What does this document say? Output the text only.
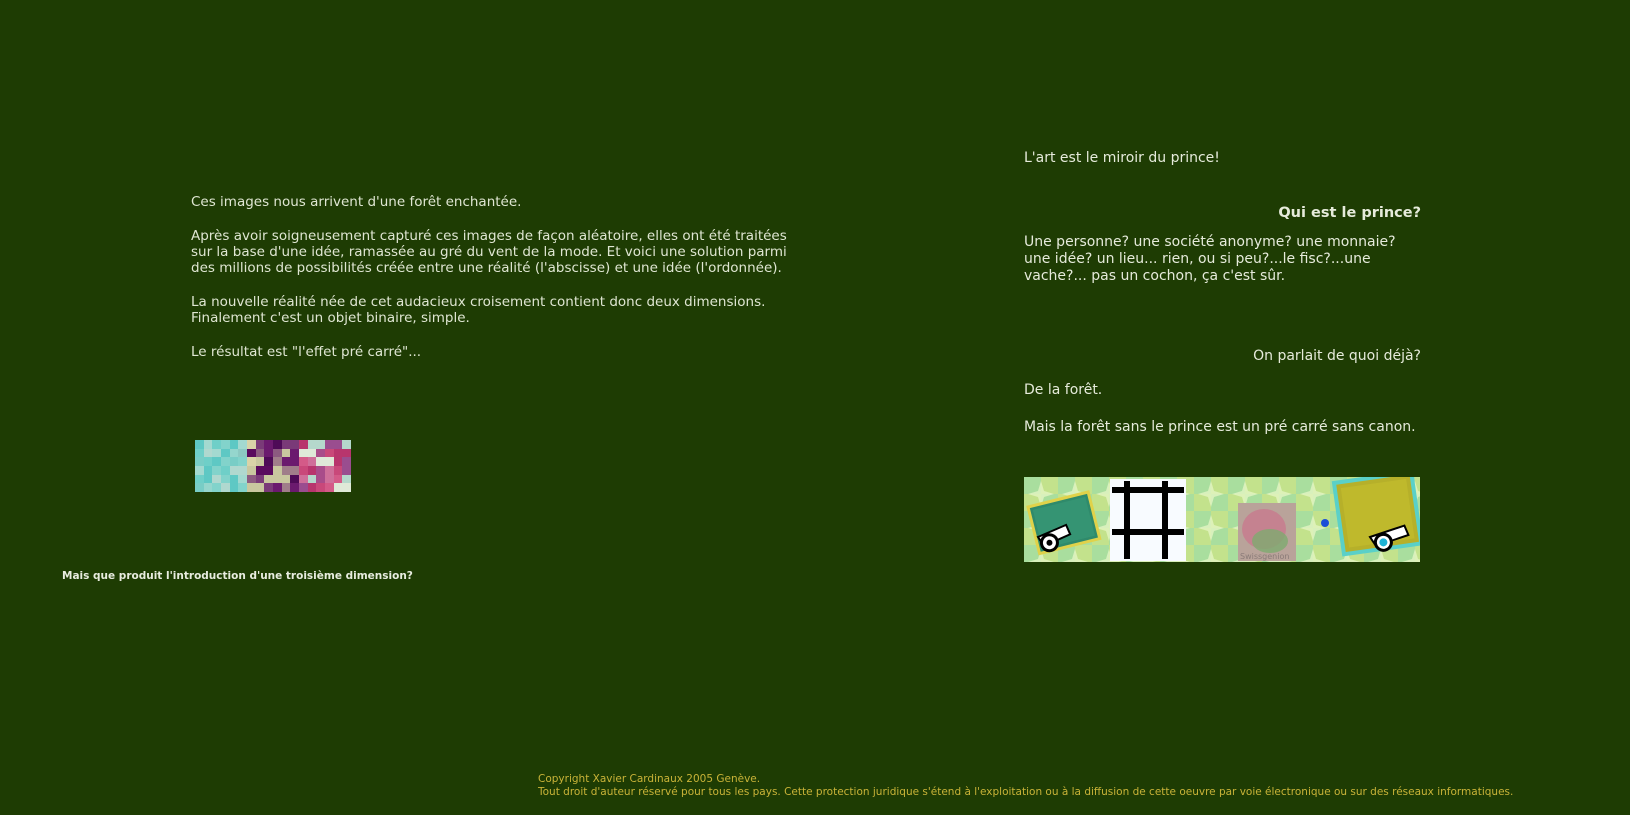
Ces images nous arrivent d'une forêt enchantée.

Après avoir soigneusement capturé ces images de façon aléatoire, elles ont été traitées sur la base d'une idée, ramassée au gré du vent de la mode. Et voici une solution parmi des millions de possibilités créée entre une réalité (l'abscisse) et une idée (l'ordonnée).

La nouvelle réalité née de cet audacieux croisement contient donc deux dimensions. Finalement c'est un objet binaire, simple.

Le résultat est "l'effet pré carré"...

Mais que produit l'introduction d'une troisième dimension?
L'art est le miroir du prince!
Qui est le prince?
Une personne? une société anonyme? une monnaie? une idée? un lieu... rien, ou si peu?...le fisc?...une vache?... pas un cochon, ça c'est sûr.
On parlait de quoi déjà?
De la forêt.
Mais la forêt sans le prince est un pré carré sans canon.
Swissgenion
Copyright Xavier Cardinaux 2005 Genève.
Tout droit d'auteur réservé pour tous les pays. Cette protection juridique s'étend à l'exploitation ou à la diffusion de cette oeuvre par voie électronique ou sur des réseaux informatiques.
